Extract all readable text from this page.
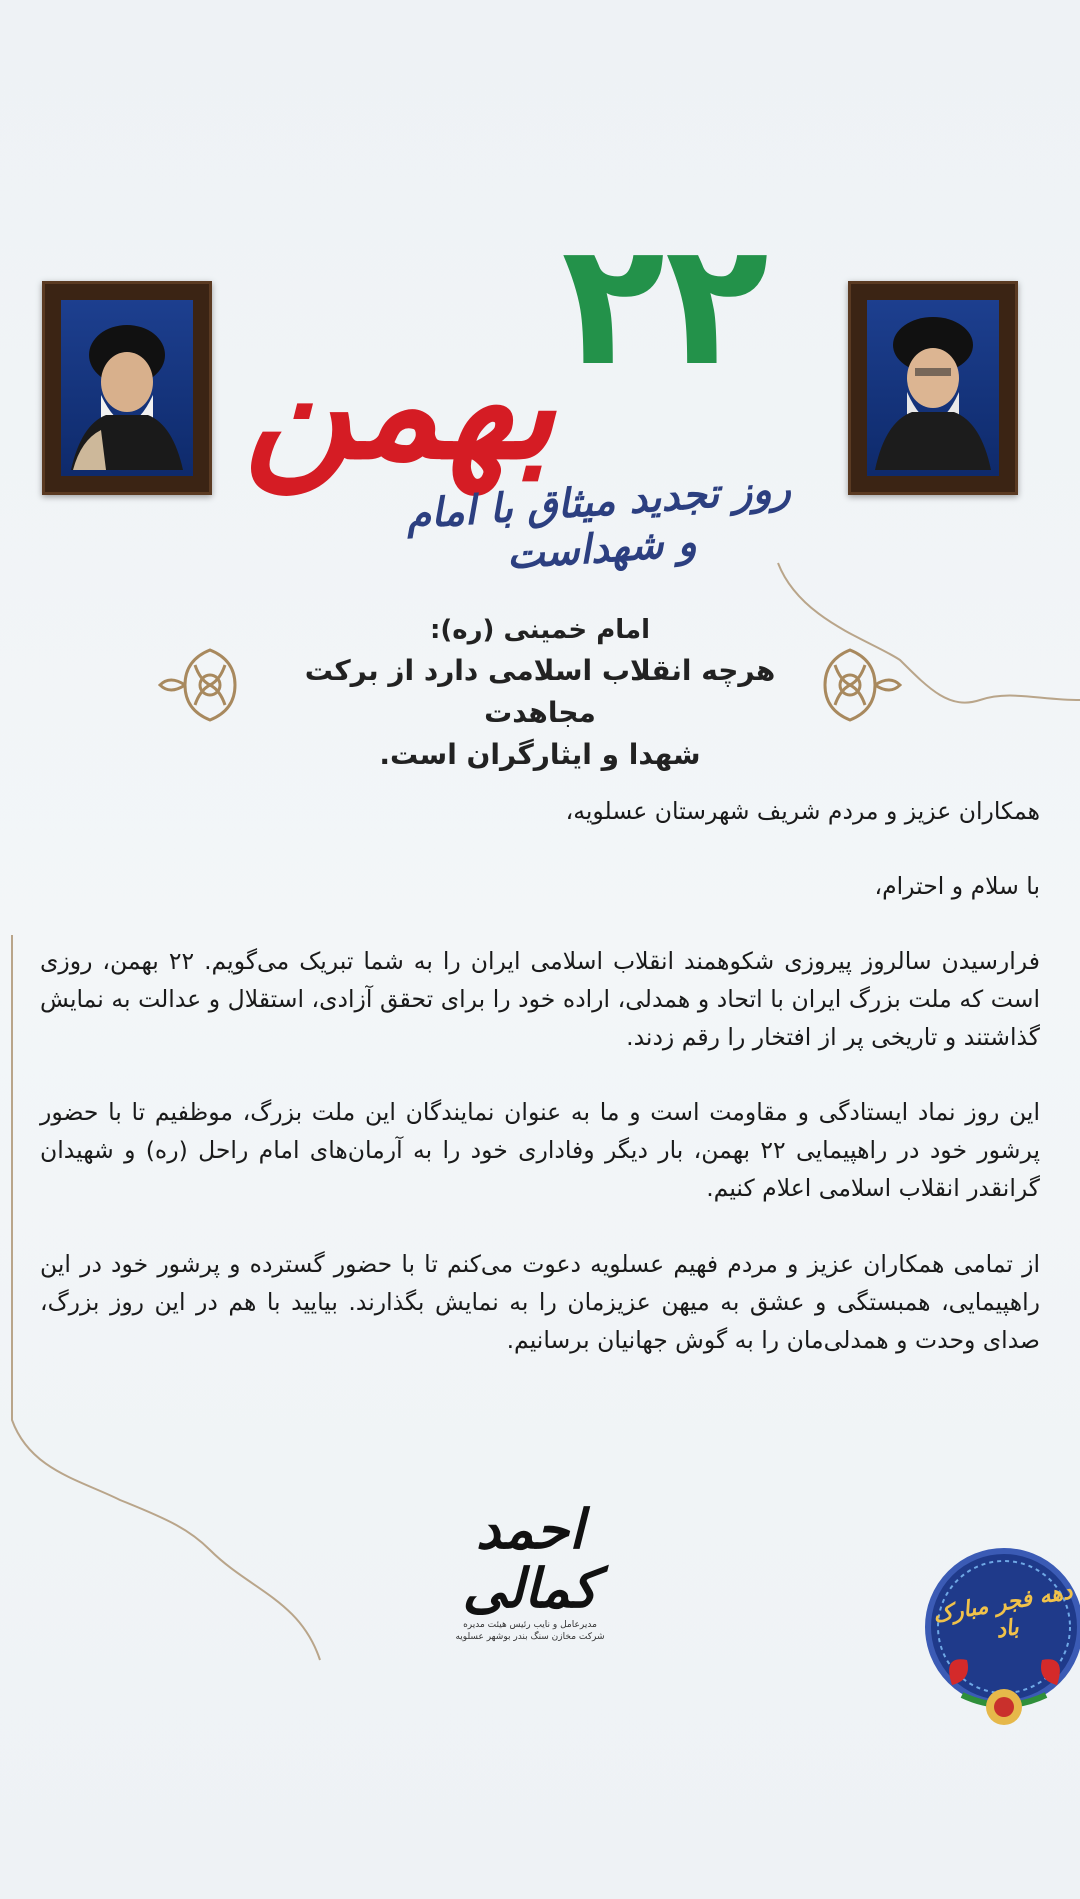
۲۲
بهمن
روز تجدید میثاق با امام و شهداست
امام خمینی (ره):
هرچه انقلاب اسلامی دارد از برکت مجاهدت
شهدا و ایثارگران است.

همکاران عزیز و مردم شریف شهرستان عسلویه،

با سلام و احترام،

فرارسیدن سالروز پیروزی شکوهمند انقلاب اسلامی ایران را به شما تبریک می‌گویم. ۲۲ بهمن، روزی است که ملت بزرگ ایران با اتحاد و همدلی، اراده خود را برای تحقق آزادی، استقلال و عدالت به نمایش گذاشتند و تاریخی پر از افتخار را رقم زدند.

این روز نماد ایستادگی و مقاومت است و ما به عنوان نمایندگان این ملت بزرگ، موظفیم تا با حضور پرشور خود در راهپیمایی ۲۲ بهمن، بار دیگر وفاداری خود را به آرمان‌های امام راحل (ره) و شهیدان گرانقدر انقلاب اسلامی اعلام کنیم.

از تمامی همکاران عزیز و مردم فهیم عسلویه دعوت می‌کنم تا با حضور گسترده و پرشور خود در این راهپیمایی، همبستگی و عشق به میهن عزیزمان را به نمایش بگذارند. بیایید با هم در این روز بزرگ، صدای وحدت و همدلی‌مان را به گوش جهانیان برسانیم.

احمد کمالی
مدیرعامل و نایب رئیس هیئت مدیره
شرکت مخازن سنگ بندر بوشهر عسلویه
دهه فجر مبارک باد
